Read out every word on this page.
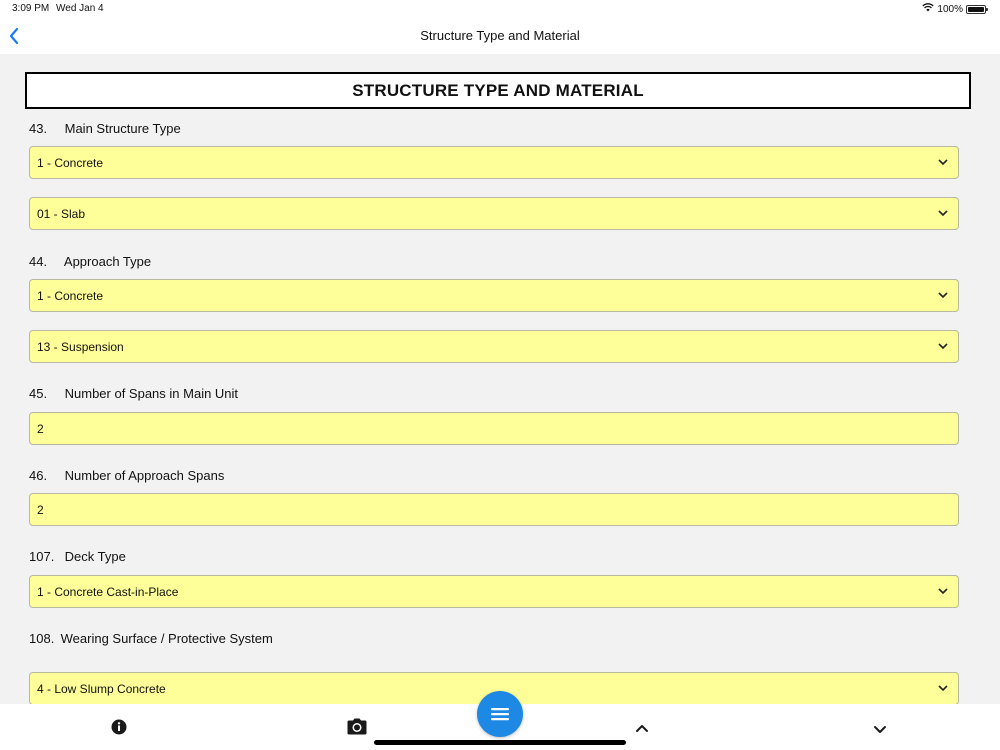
3:09 PM Wed Jan 4	100%
Structure Type and Material
STRUCTURE TYPE AND MATERIAL
43. Main Structure Type
1 - Concrete
01 - Slab
44. Approach Type
1 - Concrete
13 - Suspension
45. Number of Spans in Main Unit
2
46. Number of Approach Spans
2
107. Deck Type
1 - Concrete Cast-in-Place
108. Wearing Surface / Protective System
4 - Low Slump Concrete
